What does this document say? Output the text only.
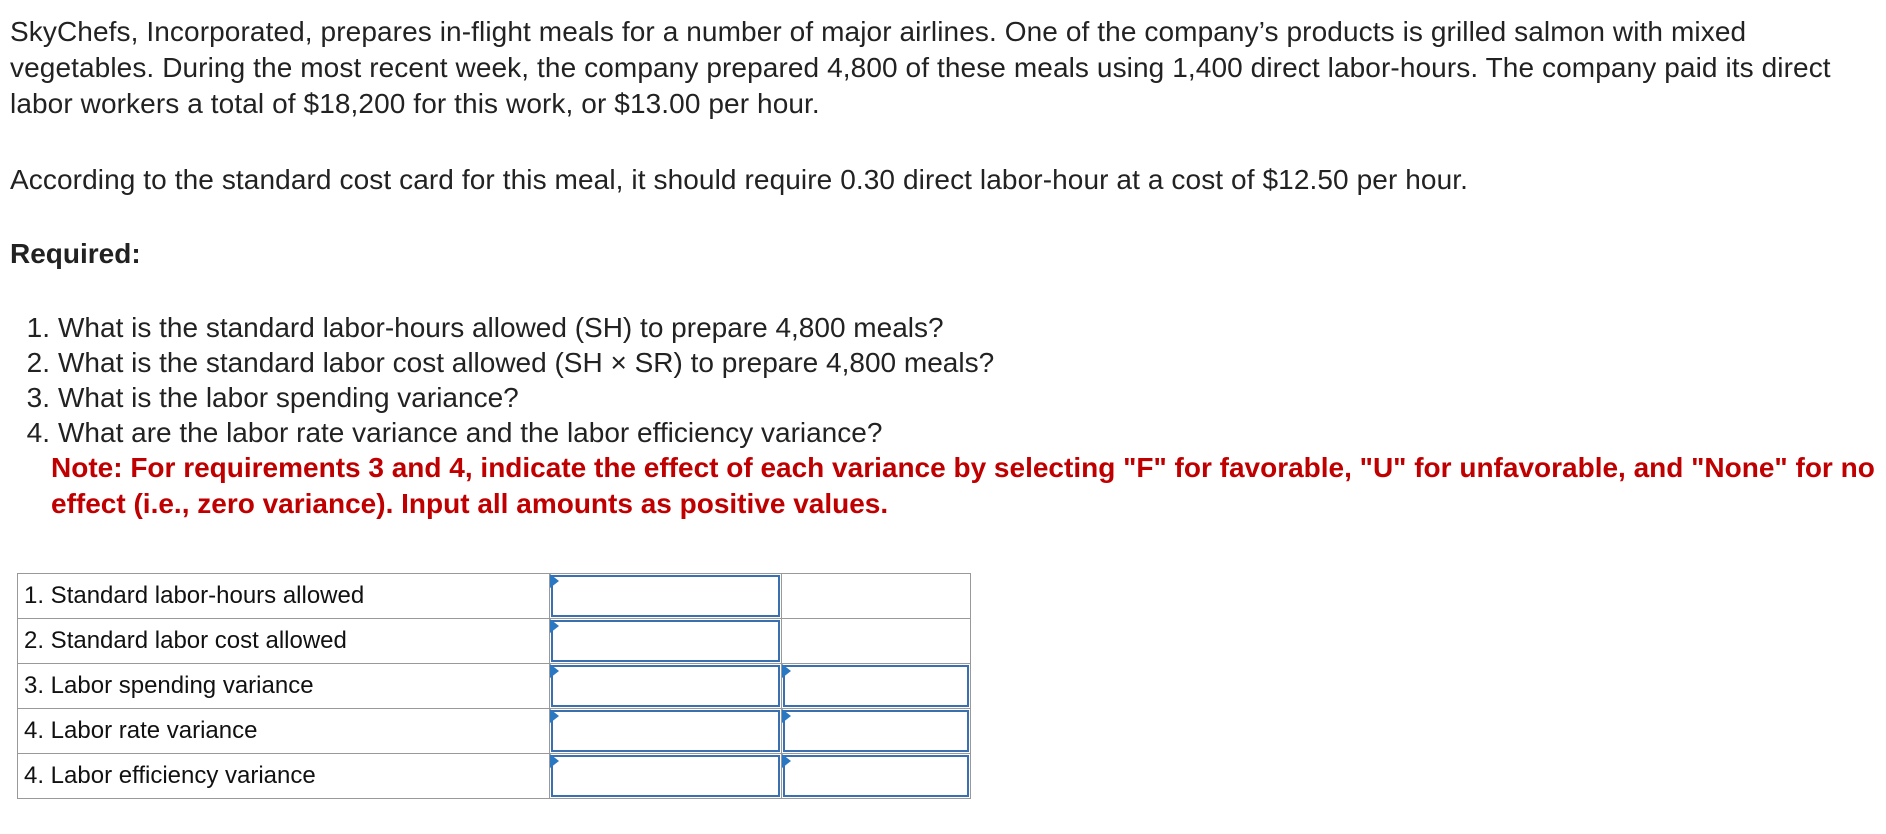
SkyChefs, Incorporated, prepares in-flight meals for a number of major airlines. One of the company’s products is grilled salmon with mixed vegetables. During the most recent week, the company prepared 4,800 of these meals using 1,400 direct labor-hours. The company paid its direct labor workers a total of $18,200 for this work, or $13.00 per hour.

According to the standard cost card for this meal, it should require 0.30 direct labor-hour at a cost of $12.50 per hour.

Required:
1. What is the standard labor-hours allowed (SH) to prepare 4,800 meals?
2. What is the standard labor cost allowed (SH × SR) to prepare 4,800 meals?
3. What is the labor spending variance?
4. What are the labor rate variance and the labor efficiency variance?

Note: For requirements 3 and 4, indicate the effect of each variance by selecting "F" for favorable, "U" for unfavorable, and "None" for no effect (i.e., zero variance). Input all amounts as positive values.

1. Standard labor-hours allowed	

2. Standard labor cost allowed	

3. Labor spending variance	

4. Labor rate variance	

4. Labor efficiency variance	
